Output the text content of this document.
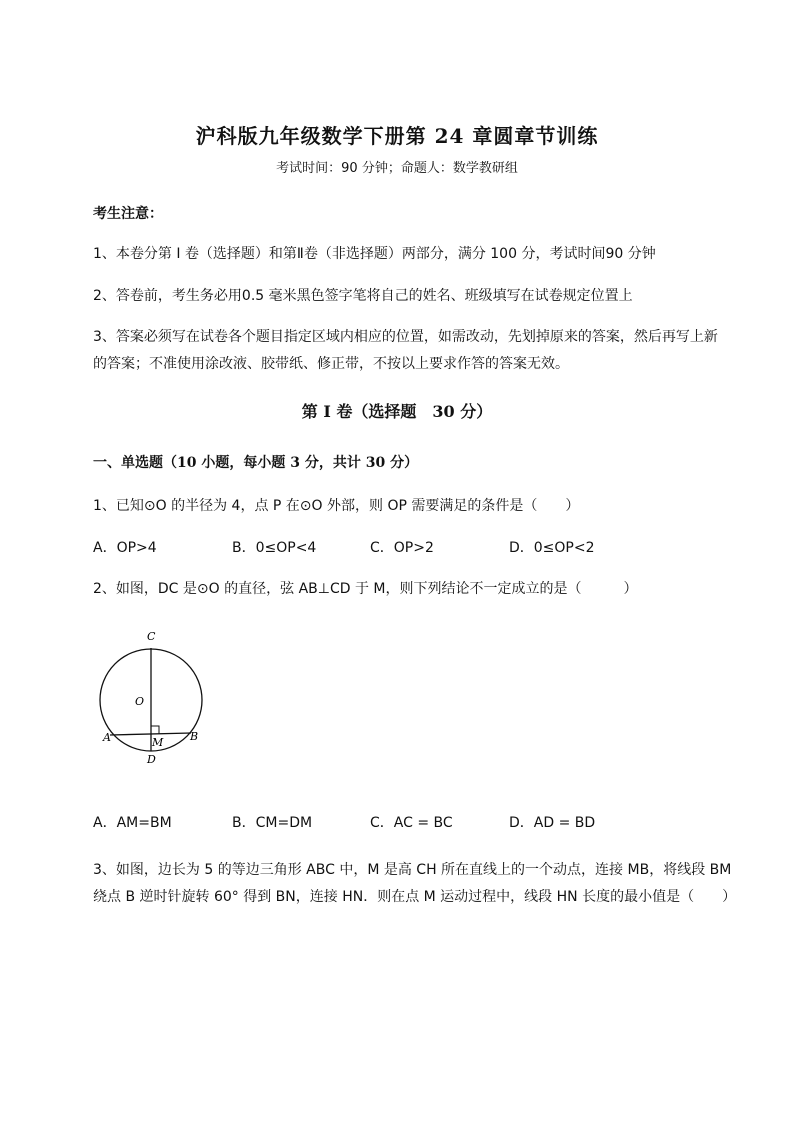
沪科版九年级数学下册第 24 章圆章节训练
考试时间：90 分钟；命题人：数学教研组
考生注意：
1、本卷分第 I 卷（选择题）和第Ⅱ卷（非选择题）两部分，满分 100 分，考试时间90 分钟
2、答卷前，考生务必用0.5 毫米黑色签字笔将自己的姓名、班级填写在试卷规定位置上
3、答案必须写在试卷各个题目指定区域内相应的位置，如需改动，先划掉原来的答案，然后再写上新
的答案；不准使用涂改液、胶带纸、修正带，不按以上要求作答的答案无效。
第 I 卷（选择题　30 分）
一、单选题（10 小题，每小题 3 分，共计 30 分）
1、已知⊙O 的半径为 4，点 P 在⊙O 外部，则 OP 需要满足的条件是（　　）
A．OP>4	B．0≤OP<4	C．OP>2	D．0≤OP<2
2、如图，DC 是⊙O 的直径，弦 AB⊥CD 于 M，则下列结论不一定成立的是（　　　）
C
O
A	M B
D
A．AM=BM	B．CM=DM	C．AC = BC	D．AD = BD
3、如图，边长为 5 的等边三角形 ABC 中，M 是高 CH 所在直线上的一个动点，连接 MB，将线段 BM
绕点 B 逆时针旋转 60° 得到 BN，连接 HN．则在点 M 运动过程中，线段 HN 长度的最小值是（　　）
